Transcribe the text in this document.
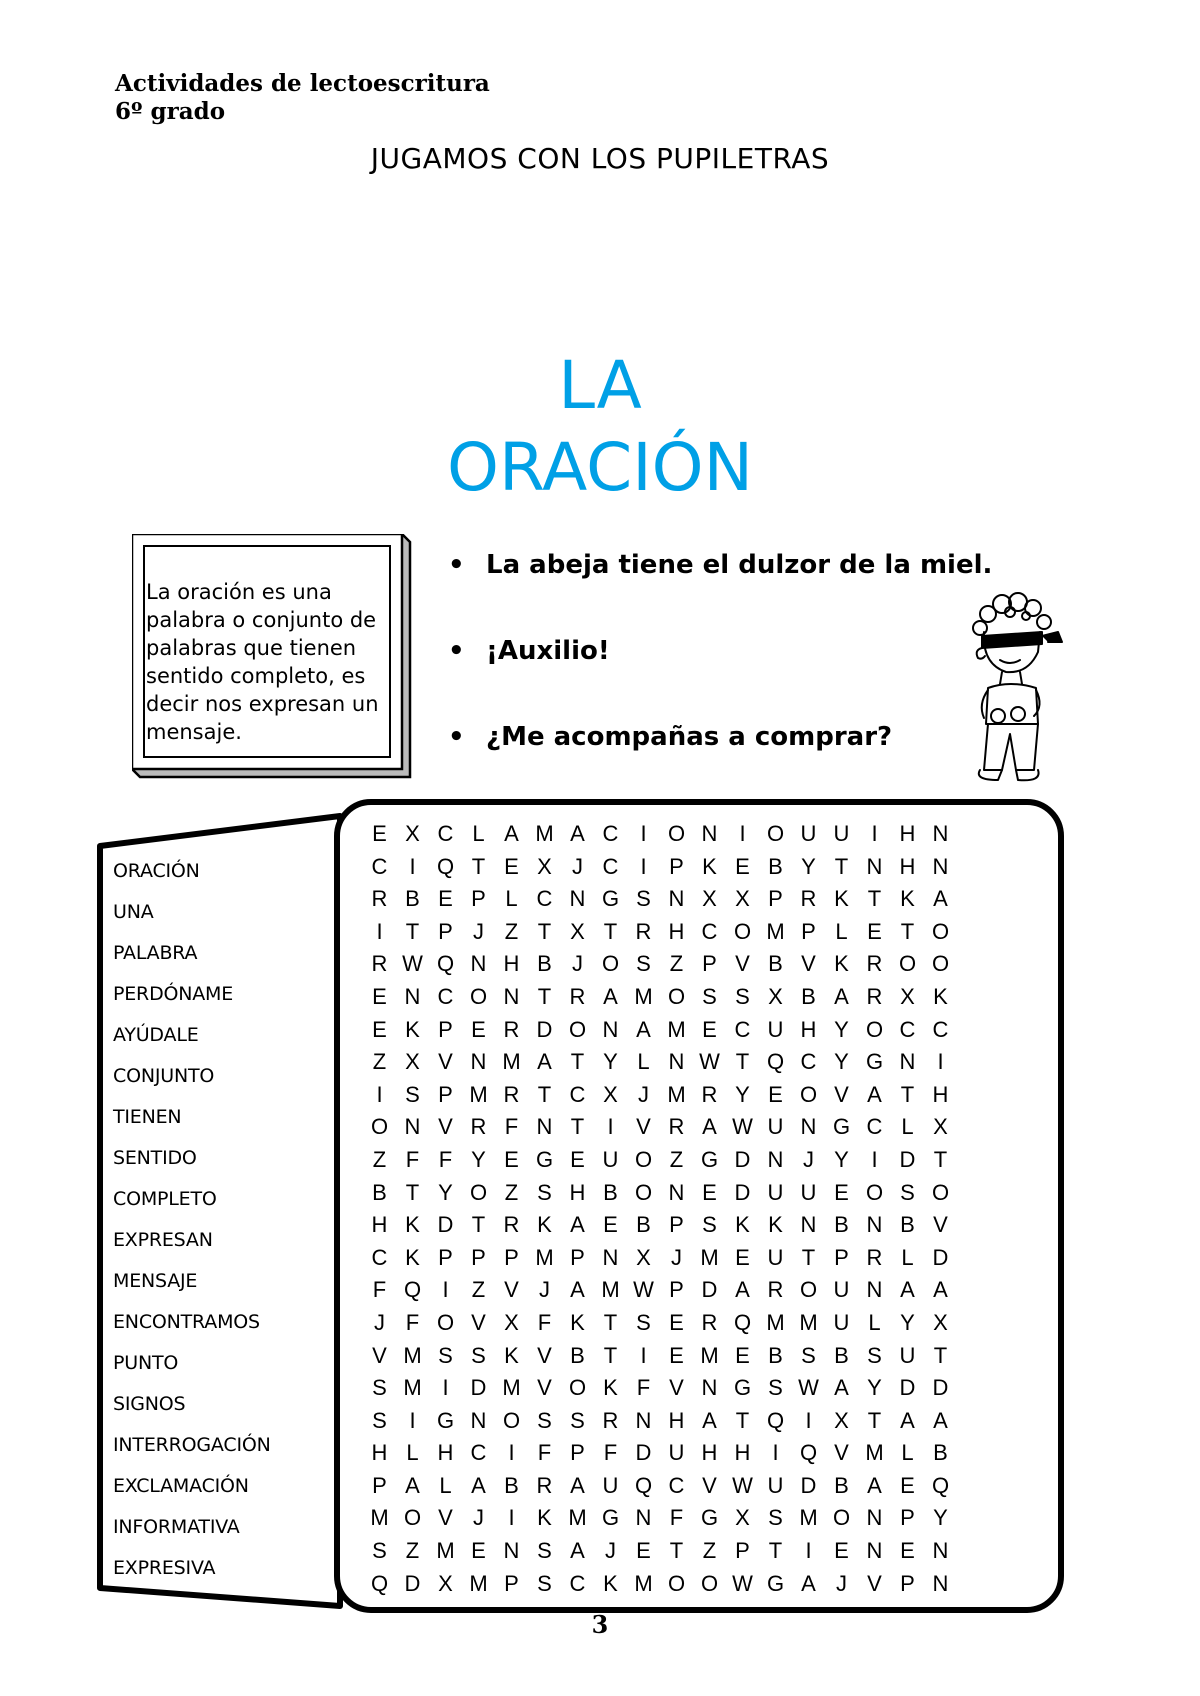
Actividades de lectoescritura
6º grado
JUGAMOS CON LOS PUPILETRAS
LA
ORACIÓN
La oración es una palabra o conjunto de palabras que tienen sentido completo, es decir nos expresan un mensaje.
• La abeja tiene el dulzor de la miel.
• ¡Auxilio!
• ¿Me acompañas a comprar?
ORACIÓN
UNA
PALABRA
PERDÓNAME
AYÚDALE
CONJUNTO
TIENEN
SENTIDO
COMPLETO
EXPRESAN
MENSAJE
ENCONTRAMOS
PUNTO
SIGNOS
INTERROGACIÓN
EXCLAMACIÓN
INFORMATIVA
EXPRESIVA
E X C L A M A C	I O N	I O U U	I H N
C	I Q T E X J C	I	P K E B Y T N H N
R B E P L C N G S N X X P R K T K A
I	T P J Z T X T R H C O M P L E T O
R W Q N H B J O S Z P V B V K R O O
E N C O N T R A M O S S X B A R X K
E K P E R D O N A M E C U H Y O C C
Z X V N M A T Y L N W T Q C Y G N	I
I	S P M R T C X J M R Y E O V A T H
O N V R F N T	I	V R A W U N G C L X
Z F F Y E G E U O Z G D N J Y	I D T
B T Y O Z S H B O N E D U U E O S O
H K D T R K A E B P S K K N B N B V
C K P P P M P N X J M E U T P R L D
F Q I	Z V J A M W P D A R O U N A A
J F O V X F K T S E R Q M M U L Y X
V M S S K V B T	I	E M E B S B S U T
S M I D M V O K F V N G S W A Y D D
S	I G N O S S R N H A T Q I	X T A A
H L H C	I	F P F D U H H	I Q V M L B
P A L A B R A U Q C V W U D B A E Q
M O V J	I	K M G N F G X S M O N P Y
S Z M E N S A J E T Z P T	I	E N E N
Q D X M P S C K M O O W G A J V P N
3
